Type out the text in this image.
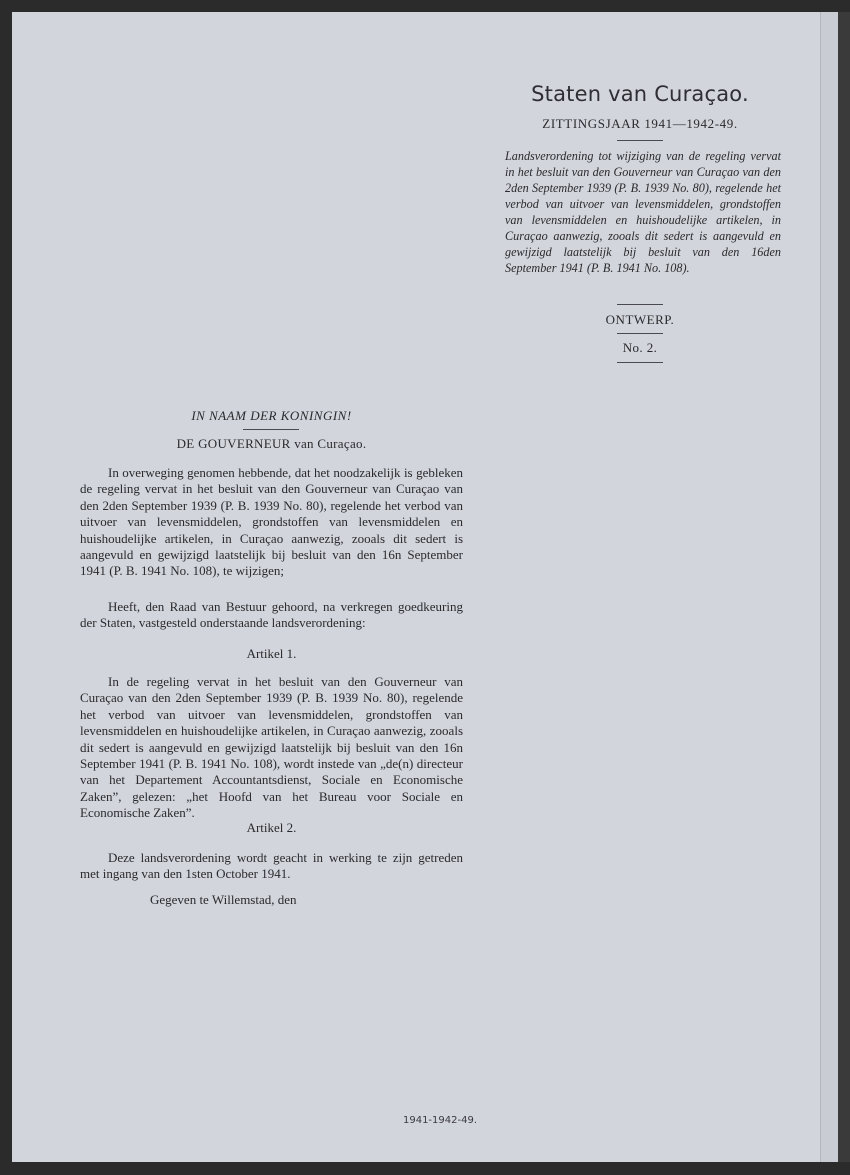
Staten van Curaçao.
ZITTINGSJAAR 1941—1942-49.
Landsverordening tot wijziging van de regeling vervat in het besluit van den Gouverneur van Curaçao van den 2den September 1939 (P. B. 1939 No. 80), regelende het verbod van uitvoer van levensmiddelen, grondstoffen van levensmiddelen en huishoudelijke artikelen, in Curaçao aanwezig, zooals dit sedert is aangevuld en gewijzigd laatstelijk bij besluit van den 16den September 1941 (P. B. 1941 No. 108).
ONTWERP.
No. 2.
IN NAAM DER KONINGIN!
DE GOUVERNEUR van Curaçao.

In overweging genomen hebbende, dat het noodzakelijk is gebleken de regeling vervat in het besluit van den Gouverneur van Curaçao van den 2den September 1939 (P. B. 1939 No. 80), regelende het verbod van uitvoer van levensmiddelen, grondstoffen van levensmiddelen en huishoudelijke artikelen, in Curaçao aanwezig, zooals dit sedert is aangevuld en gewijzigd laatstelijk bij besluit van den 16n September 1941 (P. B. 1941 No. 108), te wijzigen;

Heeft, den Raad van Bestuur gehoord, na verkregen goedkeuring der Staten, vastgesteld onderstaande landsverordening:

Artikel 1.

In de regeling vervat in het besluit van den Gouverneur van Curaçao van den 2den September 1939 (P. B. 1939 No. 80), regelende het verbod van uitvoer van levensmiddelen, grondstoffen van levensmiddelen en huishoudelijke artikelen, in Curaçao aanwezig, zooals dit sedert is aangevuld en gewijzigd laatstelijk bij besluit van den 16n September 1941 (P. B. 1941 No. 108), wordt instede van „de(n) directeur van het Departement Accountantsdienst, Sociale en Economische Zaken”, gelezen: „het Hoofd van het Bureau voor Sociale en Economische Zaken”.

Artikel 2.

Deze landsverordening wordt geacht in werking te zijn getreden met ingang van den 1sten October 1941.

Gegeven te Willemstad, den
1941-1942-49.
